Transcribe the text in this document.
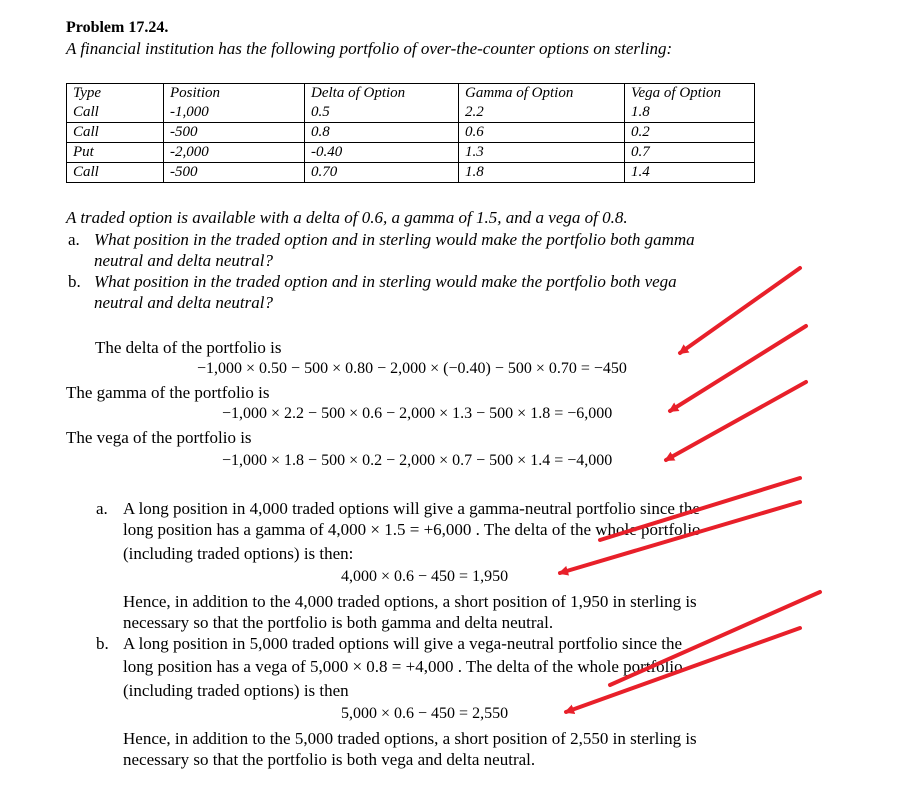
Problem 17.24.
A financial institution has the following portfolio of over-the-counter options on sterling:
Type	Position	Delta of Option	Gamma of Option	Vega of Option
Call	-1,000	0.5	2.2	1.8
Call	-500	0.8	0.6	0.2
Put	-2,000	-0.40	1.3	0.7
Call	-500	0.70	1.8	1.4
A traded option is available with a delta of 0.6, a gamma of 1.5, and a vega of 0.8.
a. What position in the traded option and in sterling would make the portfolio both gamma
neutral and delta neutral?
b. What position in the traded option and in sterling would make the portfolio both vega
neutral and delta neutral?
The delta of the portfolio is
−1,000 × 0.50 − 500 × 0.80 − 2,000 × (−0.40) − 500 × 0.70 = −450
The gamma of the portfolio is
−1,000 × 2.2 − 500 × 0.6 − 2,000 × 1.3 − 500 × 1.8 = −6,000
The vega of the portfolio is
−1,000 × 1.8 − 500 × 0.2 − 2,000 × 0.7 − 500 × 1.4 = −4,000
a. A long position in 4,000 traded options will give a gamma-neutral portfolio since the
long position has a gamma of 4,000 × 1.5 = +6,000 . The delta of the whole portfolio
(including traded options) is then:
4,000 × 0.6 − 450 = 1,950
Hence, in addition to the 4,000 traded options, a short position of 1,950 in sterling is
necessary so that the portfolio is both gamma and delta neutral.
b. A long position in 5,000 traded options will give a vega-neutral portfolio since the
long position has a vega of 5,000 × 0.8 = +4,000 . The delta of the whole portfolio
(including traded options) is then
5,000 × 0.6 − 450 = 2,550
Hence, in addition to the 5,000 traded options, a short position of 2,550 in sterling is
necessary so that the portfolio is both vega and delta neutral.
